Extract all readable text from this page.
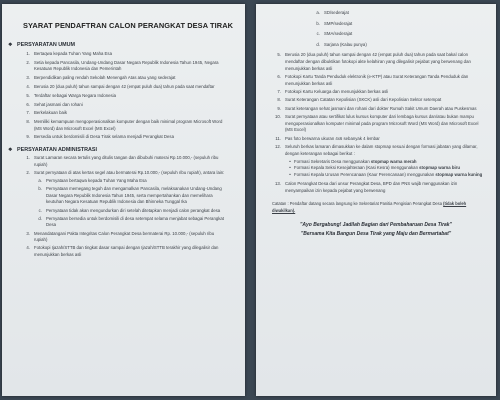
SYARAT PENDAFTRAN CALON PERANGKAT DESA TIRAK
❖ PERSYARATAN UMUM
1. Bertaqwa kepada Tuhan Yang Maha Esa
2. Setia kepada Pancasila, Undang-Undang Dasar Negara Republik Indonesia Tahun 1945, Negara Kesatuan Republik Indonesia dan Pemerintah
3. Berpendidikan paling rendah Sekolah Menengah Atas atau yang sederajat
4. Berusia 20 (dua puluh) tahun sampai dengan 42 (empat puluh dua) tahun pada saat mendaftar
5. Terdaftar sebagai Warga Negara Indonesia
6. Sehat jasmani dan rohani
7. Berkelakuan baik
8. Memiliki kemampuan mengoperasionalkan komputer dengan baik minimal program Microsoft Word (MS Word) dan Microsoft Excel (MS Excel)
9. Bersedia untuk berdomisili di Desa Tirak selama menjadi Perangkat Desa
❖ PERSYARATAN ADMINISTRASI
1. Surat Lamaran secara tertulis yang ditulis tangan dan dibubuhi materai Rp.10.000,- (sepuluh ribu rupiah)
2. Surat pernyataan di atas kertas segel atau bermaterai Rp.10.000,- (sepuluh ribu rupiah), antara lain:
a. Pernyataan bertaqwa kepada Tuhan Yang Maha Esa
b. Pernyataan memegang teguh dan mengamalkan Pancasila, melaksanakan Undang-Undang Dasar Negara Republik Indonesia Tahun 1945, serta mempertahankan dan memelihara keutuhan Negara Kesatuan Republik Indonesia dan Bhinneka Tunggal Ika
c. Pernyataan tidak akan mengundurkan diri setelah ditetapkan menjadi calon perangkat desa
d. Pernyataan bersedia untuk berdomisili di desa setempat selama menjabat sebagai Perangkat Desa
3. Menandatangani Pakta Integritas Calon Perangkat Desa bermaterai Rp. 10.000,- (sepuluh ribu rupiah)
4. Fotokopi Ijazah/STTB dan tingkat dasar sampai dengan Ijazah/STTB terakhir yang dilegalisir dan menunjukkan berkas asli
a. SD/sederajat
b. SMP/sederajat
c. SMA/sederajat
d. Sarjana (Kalau punya)
5. Berusia 20 (dua puluh) tahun sampai dengan 42 (empat puluh dua) tahun pada saat bakal calon mendaftar dengan dibuktikan fotokopi akte kelahiran yang dilegalisir pejabat yang berwenang dan menunjukkan berkas asli
6. Fotokopi Kartu Tanda Penduduk elektronik (e-KTP) atau Surat Keterangan Tanda Penduduk dan menunjukkan berkas asli
7. Fotokopi Kartu Keluarga dan menunjukkan berkas asli
8. Surat Keterangan Catatan Kepolisian (SKCK) asli dari Kepolisian Sektor setempat
9. Surat keterangan sehat jasmani dan rohani dari dokter Rumah Sakit Umum Daerah atau Puskesmas
10. Surat pernyataan atau sertifikat lulus kursus komputer dari lembaga kursus dan/atau bukan mampu mengoperasionalkan komputer minimal pada program Microsoft Word (MS Word) dan Microsoft Excel (MS Excel)
11. Pas foto berwarna ukuran 4x6 sebanyak 4 lembar
12. Seluruh berkas lamaran dimasukkan ke dalam stopmap sesuai dengan formasi jabatan yang dilamar, dengan keterangan sebagai berikut :
• Formasi Sekretaris Desa menggunakan stopmap warna merah
• Formasi Kepala Seksi Kesejahteraan (Kasi Kesra) menggunakan stopmap warna biru
• Formasi Kepala Urusan Perencanaan (Kaur Perencanaan) menggunakan stopmap warna kuning
13. Calon Perangkat Desa dari unsur Perangkat Desa, BPD dan PNS wajib menggunakan izin menyampaikan izin kepada pejabat yang berwenang
Catatan : Pendaftar datang secara langsung ke Sekretariat Panitia Pengisian Perangkat Desa (tidak boleh diwakilkan).
"Ayo Bergabung! Jadilah Bagian dari Pembaharuan Desa Tirak"
"Bersama Kita Bangun Desa Tirak yang Maju dan Bermartabat"
